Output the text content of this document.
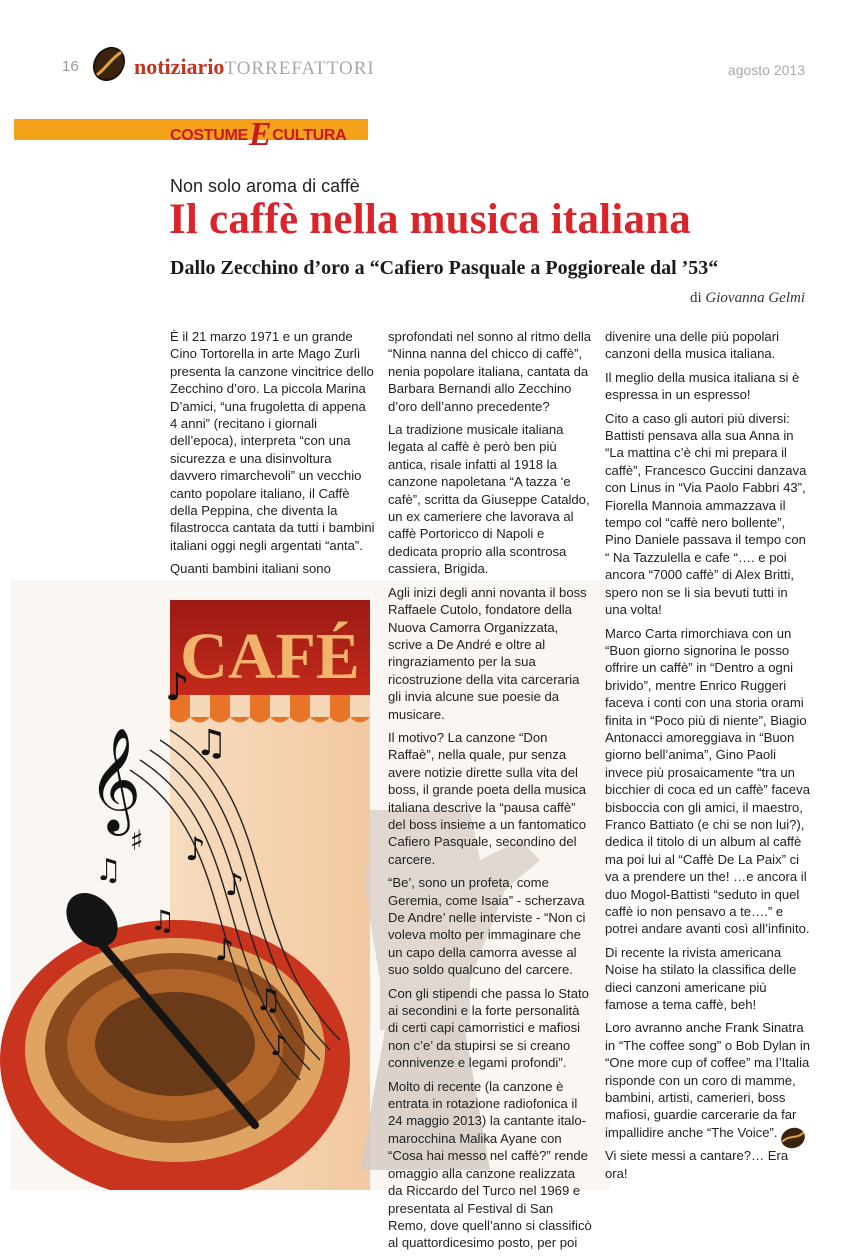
16	notiziarioTORREFATTORI	agosto 2013
COSTUMEECULTURA
Non solo aroma di caffè
Il caffè nella musica italiana
Dallo Zecchino d’oro a “Cafiero Pasquale a Poggioreale dal ’53“
di Giovanna Gelmi
CAFÉ
𝄞
♪
♫
♯ ♪
♫	♪
♫
♪
♫
♪

È il 21 marzo 1971 e un grande Cino Tortorella in arte Mago Zurlì presenta la canzone vincitrice dello Zecchino d’oro. La piccola Marina D’amici, “una frugoletta di appena 4 anni” (recitano i giornali dell’epoca), interpreta “con una sicurezza e una disinvoltura davvero rimarchevoli” un vecchio canto popolare italiano, il Caffè della Peppina, che diventa la filastrocca cantata da tutti i bambini italiani oggi negli argentati “anta”.

Quanti bambini italiani sono

sprofondati nel sonno al ritmo della “Ninna nanna del chicco di caffè”, nenia popolare italiana, cantata da Barbara Bernandi allo Zecchino d’oro dell’anno precedente?

La tradizione musicale italiana legata al caffè è però ben più antica, risale infatti al 1918 la canzone napoletana “A tazza ‘e cafè”, scritta da Giuseppe Cataldo, un ex cameriere che lavorava al caffè Portoricco di Napoli e dedicata proprio alla scontrosa cassiera, Brigida.

Agli inizi degli anni novanta il boss Raffaele Cutolo, fondatore della Nuova Camorra Organizzata, scrive a De André e oltre al ringraziamento per la sua ricostruzione della vita carceraria gli invia alcune sue poesie da musicare.

Il motivo? La canzone “Don Raffaè”, nella quale, pur senza avere notizie dirette sulla vita del boss, il grande poeta della musica italiana descrive la “pausa caffè” del boss insieme a un fantomatico Cafiero Pasquale, secondino del carcere.

“Be’, sono un profeta, come Geremia, come Isaia” - scherzava De Andre’ nelle interviste - “Non ci voleva molto per immaginare che un capo della camorra avesse al suo soldo qualcuno del carcere.

Con gli stipendi che passa lo Stato ai secondini e la forte personalità di certi capi camorristici e mafiosi non c’e’ da stupirsi se si creano connivenze e legami profondi”.

Molto di recente (la canzone è entrata in rotazione radiofonica il 24 maggio 2013) la cantante italo-marocchina Malika Ayane con “Cosa hai messo nel caffè?” rende omaggio alla canzone realizzata da Riccardo del Turco nel 1969 e presentata al Festival di San Remo, dove quell’anno si classificò al quattordicesimo posto, per poi

divenire una delle più popolari canzoni della musica italiana.

Il meglio della musica italiana si è espressa in un espresso!

Cito a caso gli autori più diversi: Battisti pensava alla sua Anna in “La mattina c’è chi mi prepara il caffè”, Francesco Guccini danzava con Linus in “Via Paolo Fabbri 43”, Fiorella Mannoia ammazzava il tempo col “caffè nero bollente”, Pino Daniele passava il tempo con “ Na Tazzulella e cafe “…. e poi ancora “7000 caffè” di Alex Britti, spero non se li sia bevuti tutti in una volta!

Marco Carta rimorchiava con un “Buon giorno signorina le posso offrire un caffè” in “Dentro a ogni brivido”, mentre Enrico Ruggeri faceva i conti con una storia orami finita in “Poco più di niente”, Biagio Antonacci amoreggiava in “Buon giorno bell’anima”, Gino Paoli invece più prosaicamente “tra un bicchier di coca ed un caffè” faceva bisboccia con gli amici, il maestro, Franco Battiato (e chi se non lui?), dedica il titolo di un album al caffè ma poi lui al “Caffè De La Paix” ci va a prendere un the! …e ancora il duo Mogol-Battisti “seduto in quel caffè io non pensavo a te….” e potrei andare avanti così all’infinito.

Di recente la rivista americana Noise ha stilato la classifica delle dieci canzoni americane più famose a tema caffè, beh!

Loro avranno anche Frank Sinatra in “The coffee song” o Bob Dylan in “One more cup of coffee” ma l’Italia risponde con un coro di mamme, bambini, artisti, camerieri, boss mafiosi, guardie carcerarie da far impallidire anche “The Voice”.

Vi siete messi a cantare?… Era ora!
